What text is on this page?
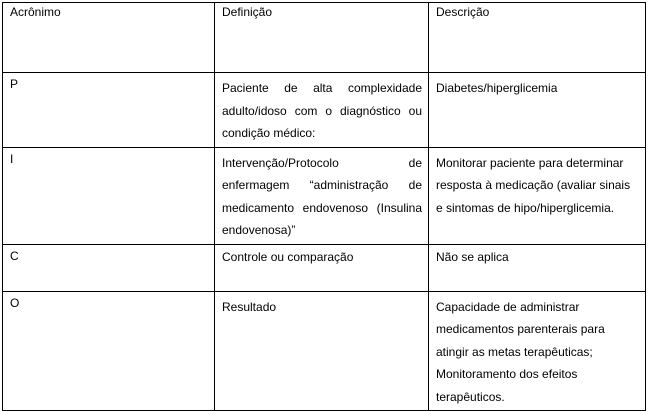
Acrônimo	Definição	Descrição
P	Paciente de alta complexidade adulto/idoso com o diagnóstico ou condição médico:	Diabetes/hiperglicemia
I	Intervenção/Protocolo de enfermagem “administração de medicamento endovenoso (Insulina endovenosa)”	Monitorar paciente para determinar resposta à medicação (avaliar sinais e sintomas de hipo/hiperglicemia.
C	Controle ou comparação	Não se aplica
O	Resultado	Capacidade de administrar medicamentos parenterais para atingir as metas terapêuticas; Monitoramento dos efeitos terapêuticos.
